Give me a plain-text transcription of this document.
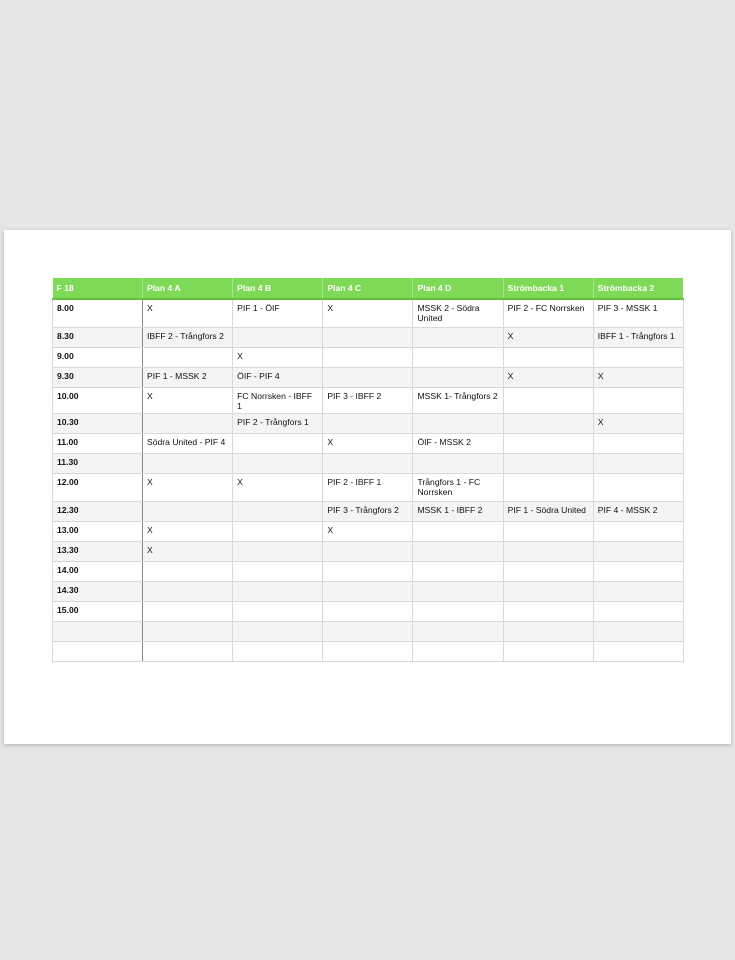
F 18	Plan 4 A	Plan 4 B	Plan 4 C	Plan 4 D	Strömbacka 1	Strömbacka 2
8.00	X	PIF 1 - ÖIF	X	MSSK 2 - Södra United	PIF 2 - FC Norrsken	PIF 3 - MSSK 1
8.30	IBFF 2 - Trångfors 2				X	IBFF 1 - Trångfors 1
9.00		X				
9.30	PIF 1 - MSSK 2	ÖIF - PIF 4			X	X
10.00	X	FC Norrsken - IBFF 1	PIF 3 - IBFF 2	MSSK 1- Trångfors 2		
10.30		PIF 2 - Trångfors 1				X
11.00	Södra United - PIF 4		X	ÖIF - MSSK 2		
11.30						
12.00	X	X	PIF 2 - IBFF 1	Trångfors 1 - FC Norrsken		
12.30			PIF 3 - Trångfors 2	MSSK 1 - IBFF 2	PIF 1 - Södra United	PIF 4 - MSSK 2
13.00	X		X			
13.30	X					
14.00						
14.30						
15.00						
